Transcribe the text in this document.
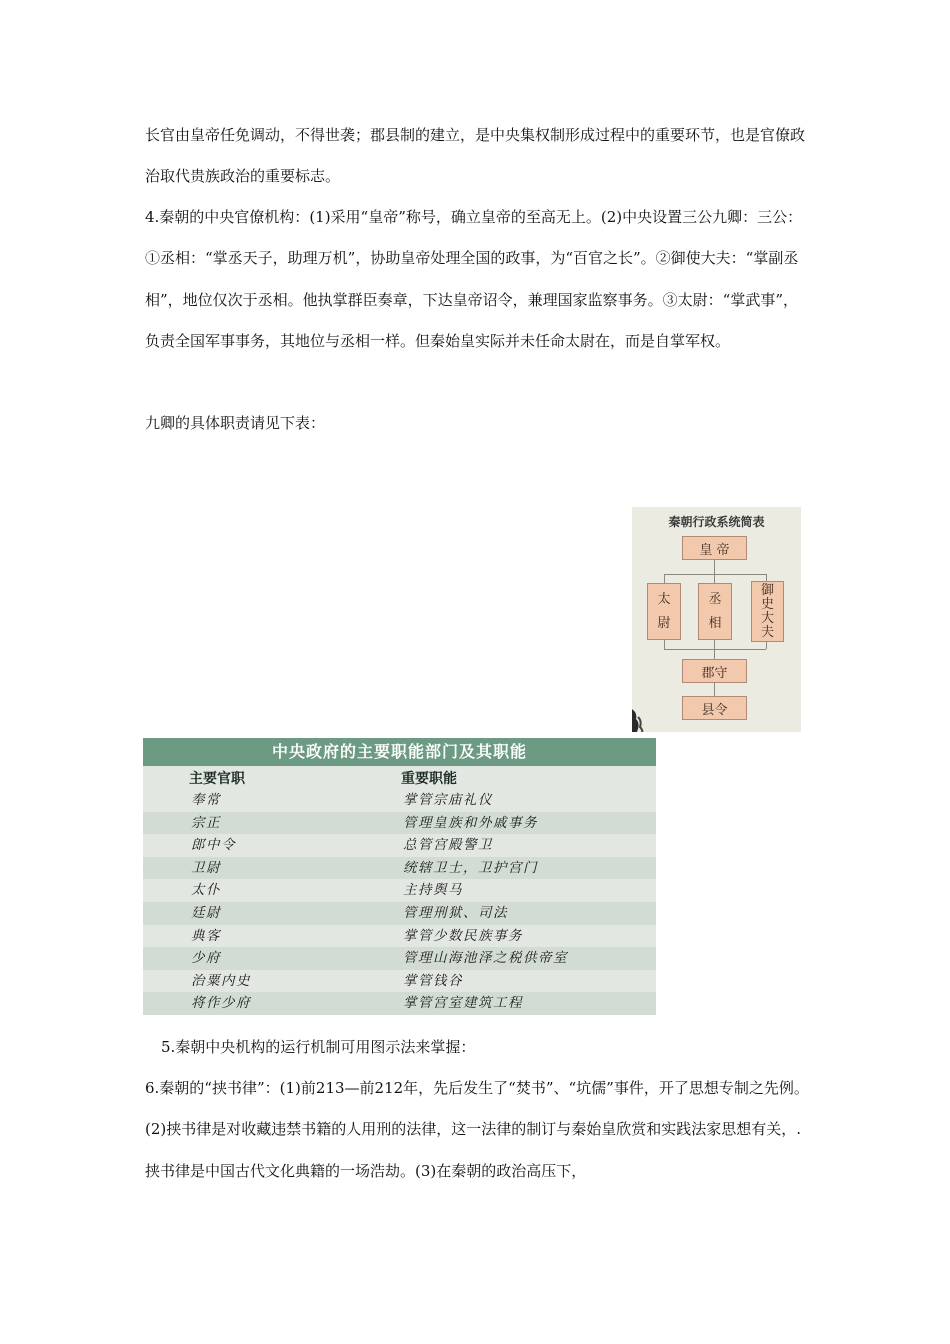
长官由皇帝任免调动，不得世袭；郡县制的建立，是中央集权制形成过程中的重要环节，也是官僚政治取代贵族政治的重要标志。

4.秦朝的中央官僚机构：(1)采用“皇帝”称号，确立皇帝的至高无上。(2)中央设置三公九卿：三公：①丞相：“掌丞天子，助理万机”，协助皇帝处理全国的政事，为“百官之长”。②御使大夫：“掌副丞相”，地位仅次于丞相。他执掌群臣奏章，下达皇帝诏令，兼理国家监察事务。③太尉：“掌武事”，负责全国军事事务，其地位与丞相一样。但秦始皇实际并未任命太尉在，而是自掌军权。

九卿的具体职责请见下表：

秦朝行政系统简表
皇 帝
太
尉
丞
相
御
史
大
夫
郡守
县令
中央政府的主要职能部门及其职能
主要官职	重要职能
奉常	掌管宗庙礼仪
宗正	管理皇族和外戚事务
郎中令	总管宫殿警卫
卫尉	统辖卫士，卫护宫门
太仆	主持舆马
廷尉	管理刑狱、司法
典客	掌管少数民族事务
少府	管理山海池泽之税供帝室
治粟内史	掌管钱谷
将作少府	掌管宫室建筑工程

5.秦朝中央机构的运行机制可用图示法来掌握：

6.秦朝的“挟书律”：(1)前213—前212年，先后发生了“焚书”、“坑儒”事件，开了思想专制之先例。(2)挟书律是对收藏违禁书籍的人用刑的法律，这一法律的制订与秦始皇欣赏和实践法家思想有关，.挟书律是中国古代文化典籍的一场浩劫。(3)在秦朝的政治高压下，
